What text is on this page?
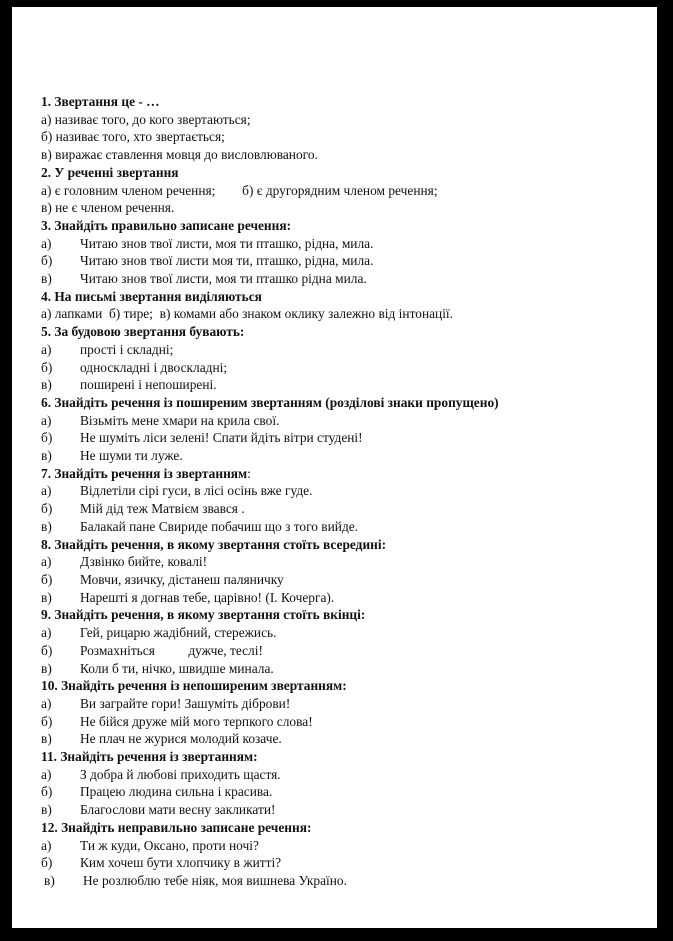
1. Звертання це - …
а) називає того, до кого звертаються;
б) називає того, хто звертається;
в) виражає ставлення мовця до висловлюваного.
2. У реченні звертання
а) є головним членом речення;        б) є другорядним членом речення;
в) не є членом речення.
3. Знайдіть правильно записане речення:
а) Читаю знов твої листи, моя ти пташко, рідна, мила.
б) Читаю знов твої листи моя ти, пташко, рідна, мила.
в) Читаю знов твої листи, моя ти пташко рідна мила.
4. На письмі звертання виділяються
а) лапками  б) тире;  в) комами або знаком оклику залежно від інтонації.
5. За будовою звертання бувають:
а) прості і складні;
б) односкладні і двоскладні;
в) поширені і непоширені.
6. Знайдіть речення із поширеним звертанням (розділові знаки пропущено)
а) Візьміть мене хмари на крила свої.
б) Не шуміть ліси зелені! Спати йдіть вітри студені!
в) Не шуми ти луже.
7. Знайдіть речення із звертанням:
а) Відлетіли сірі гуси, в лісі осінь вже гуде.
б) Мій дід теж Матвієм звався .
в) Балакай пане Свириде побачиш що з того вийде.
8. Знайдіть речення, в якому звертання стоїть всередині:
а) Дзвінко бийте, ковалі!
б) Мовчи, язичку, дістанеш паляничку
в) Нарешті я догнав тебе, царівно! (І. Кочерга).
9. Знайдіть речення, в якому звертання стоїть вкінці:
а) Гей, рицарю жадібний, стережись.
б) Розмахніться          дужче, теслі!
в) Коли б ти, нічко, швидше минала.
10. Знайдіть речення із непоширеним звертанням:
а) Ви заграйте гори! Зашуміть діброви!
б) Не бійся друже мій мого терпкого слова!
в) Не плач не журися молодий козаче.
11. Знайдіть речення із звертанням:
а) З добра й любові приходить щастя.
б) Працею людина сильна і красива.
в) Благослови мати весну закликати!
12. Знайдіть неправильно записане речення:
а) Ти ж куди, Оксано, проти ночі?
б) Ким хочеш бути хлопчику в житті?
в) Не розлюблю тебе ніяк, моя вишнева Україно.
